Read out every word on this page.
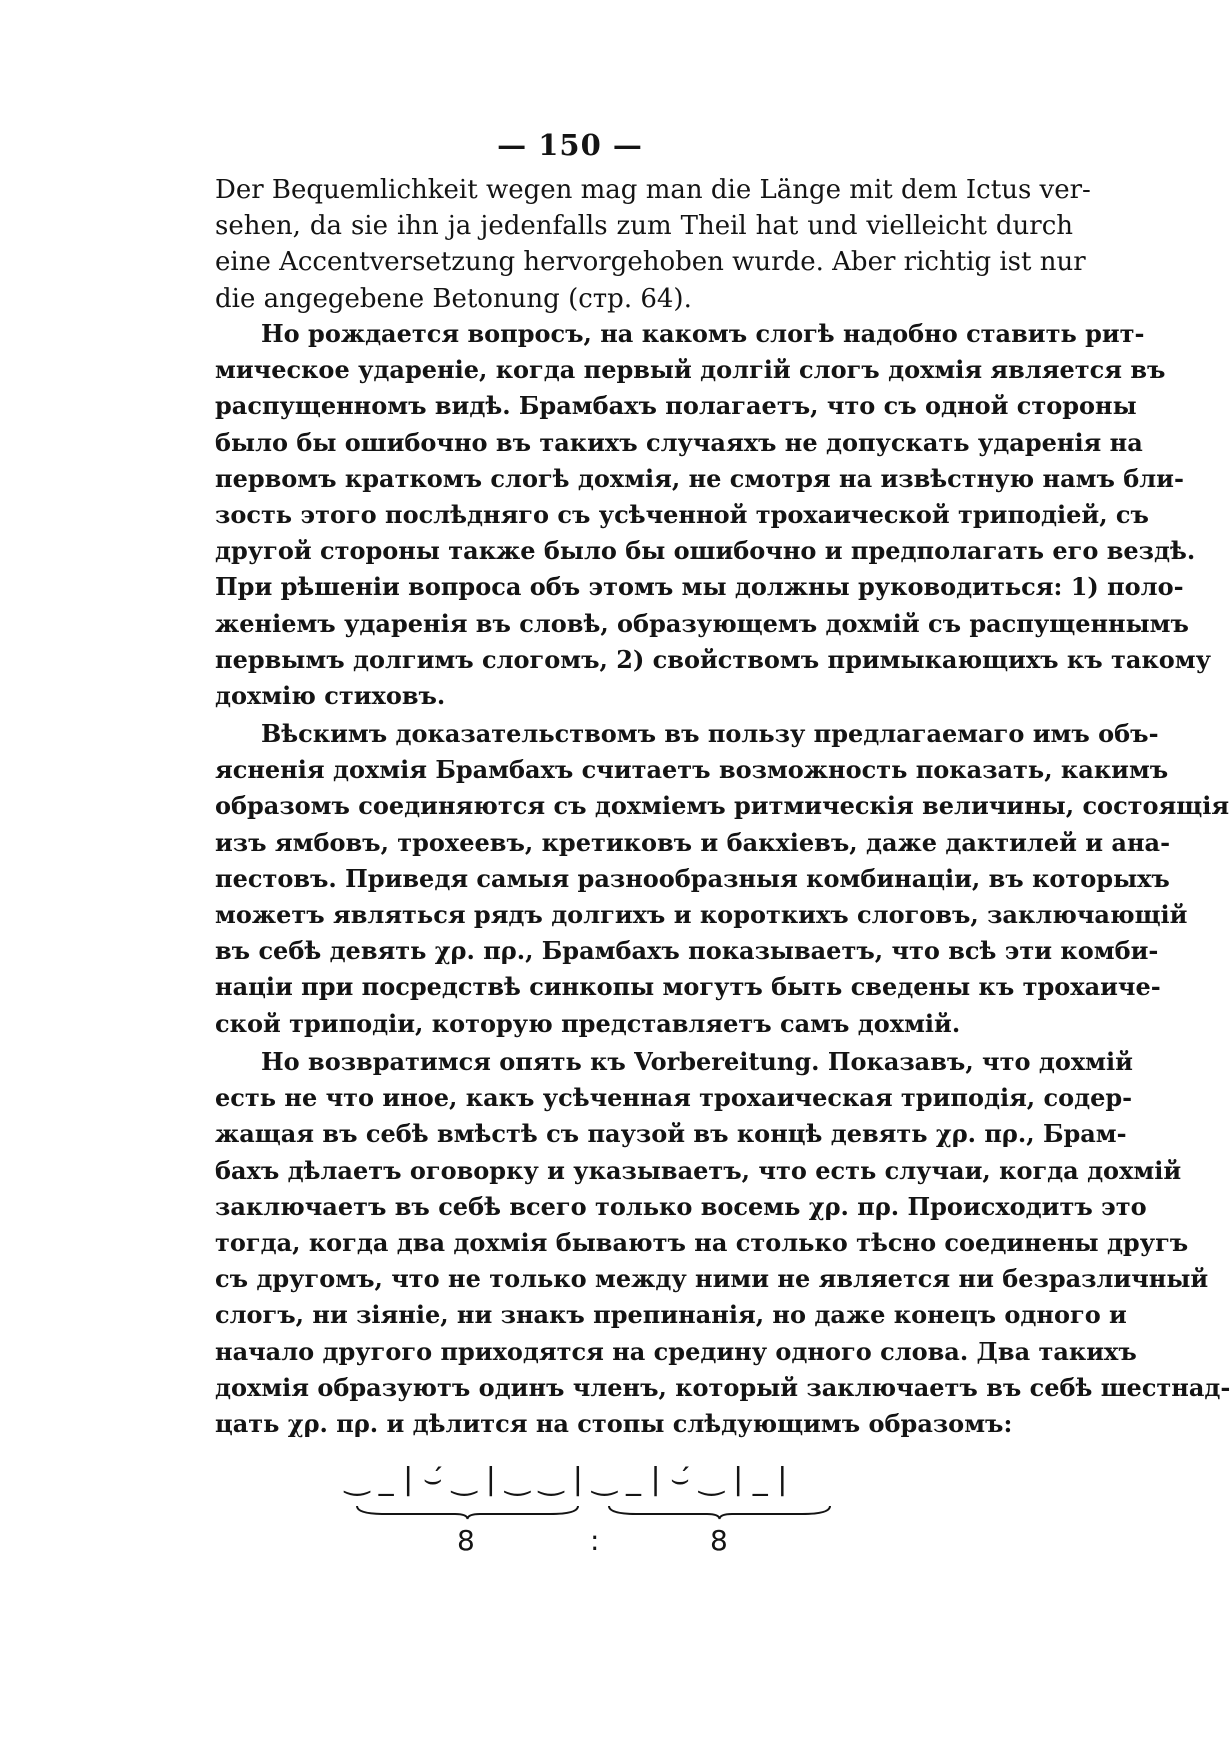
— 150 —
Der Bequemlichkeit wegen mag man die Länge mit dem Ictus ver-
sehen, da sie ihn ja jedenfalls zum Theil hat und vielleicht durch
eine Accentversetzung hervorgehoben wurde. Aber richtig ist nur
die angegebene Betonung (стр. 64).
Но рождается вопросъ, на какомъ слогѣ надобно ставить рит-
мическое удареніе, когда первый долгій слогъ дохмія является въ
распущенномъ видѣ. Брамбахъ полагаетъ, что съ одной стороны
было бы ошибочно въ такихъ случаяхъ не допускать ударенія на
первомъ краткомъ слогѣ дохмія, не смотря на извѣстную намъ бли-
зость этого послѣдняго съ усѣченной трохаической триподіей, съ
другой стороны также было бы ошибочно и предполагать его вездѣ.
При рѣшеніи вопроса объ этомъ мы должны руководиться: 1) поло-
женіемъ ударенія въ словѣ, образующемъ дохмій съ распущеннымъ
первымъ долгимъ слогомъ, 2) свойствомъ примыкающихъ къ такому
дохмію стиховъ.
Вѣскимъ доказательствомъ въ пользу предлагаемаго имъ объ-
ясненія дохмія Брамбахъ считаетъ возможность показать, какимъ
образомъ соединяются съ дохміемъ ритмическія величины, состоящія
изъ ямбовъ, трохеевъ, кретиковъ и бакхіевъ, даже дактилей и ана-
пестовъ. Приведя самыя разнообразныя комбинаціи, въ которыхъ
можетъ являться рядъ долгихъ и короткихъ слоговъ, заключающій
въ себѣ девять χρ. πρ., Брамбахъ показываетъ, что всѣ эти комби-
націи при посредствѣ синкопы могутъ быть сведены къ трохаиче-
ской триподіи, которую представляетъ самъ дохмій.
Но возвратимся опять къ Vorbereitung. Показавъ, что дохмій
есть не что иное, какъ усѣченная трохаическая триподія, содер-
жащая въ себѣ вмѣстѣ съ паузой въ концѣ девять χρ. πρ., Брам-
бахъ дѣлаетъ оговорку и указываетъ, что есть случаи, когда дохмій
заключаетъ въ себѣ всего только восемь χρ. πρ. Происходитъ это
тогда, когда два дохмія бываютъ на столько тѣсно соединены другъ
съ другомъ, что не только между ними не является ни безразличный
слогъ, ни зіяніе, ни знакъ препинанія, но даже конецъ одного и
начало другого приходятся на средину одного слова. Два такихъ
дохмія образуютъ одинъ членъ, который заключаетъ въ себѣ шестнад-
цать χρ. πρ. и дѣлится на стопы слѣдующимъ образомъ:
‿ _ | ⌣́ ‿ | ‿ ‿ | ‿ _ | ⌣́ ‿ | _ |
8	:	8
